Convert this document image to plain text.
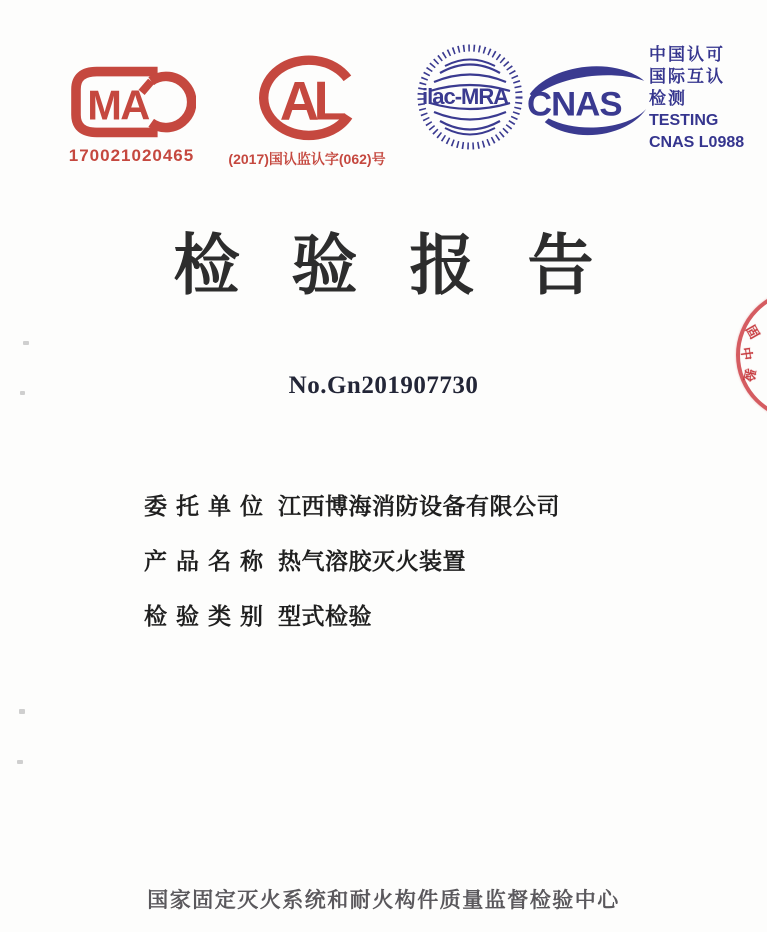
MA
170021020465
AL
(2017)国认监认字(062)号
ilac-MRA CNAS
中国认可
国际互认
检测
TESTING
CNAS L0988
检验报告
No.Gn201907730
委托单位 江西博海消防设备有限公司
产品名称 热气溶胶灭火装置
检验类别 型式检验
固
中
验
国家固定灭火系统和耐火构件质量监督检验中心
